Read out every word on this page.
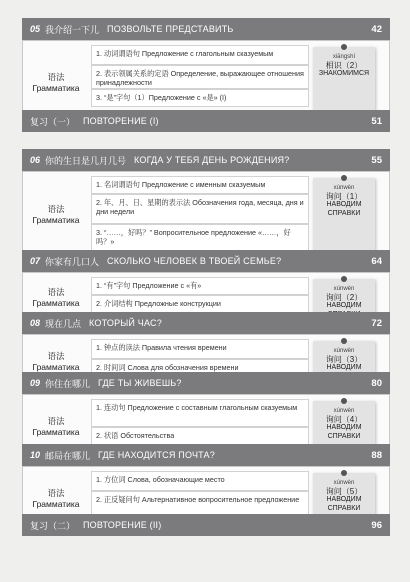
05 我介绍一下儿 ПОЗВОЛЬТЕ ПРЕДСТАВИТЬ	42
语法
Грамматика
1. 动词谓语句 Предложение с глагольным сказуемым
2. 表示领属关系的定语 Определение, выражающее отношения принадлежности
3. “是”字句（1）Предложение с «是» (I)
xiāngshí
相识（2）
ЗНАКОМИМСЯ
复习（一） ПОВТОРЕНИЕ (I)	51
06 你的生日是几月几号 КОГДА У ТЕБЯ ДЕНЬ РОЖДЕНИЯ?	55
语法
Грамматика
1. 名词谓语句 Предложение с именным сказуемым
2. 年、月、日、星期的表示法 Обозначения года, месяца, дня и дни недели
3. “……，好吗？” Вопросительное предложение «……，好吗？»
xúnwèn
询问（1）
НАВОДИМ СПРАВКИ
07 你家有几口人 СКОЛЬКО ЧЕЛОВЕК В ТВОЕЙ СЕМЬЕ?	64
语法
Грамматика
1. “有”字句 Предложение с «有»
2. 介词结构 Предложные конструкции
xúnwèn
询问（2）
НАВОДИМ
08 现在几点 КОТОРЫЙ ЧАС?	72
语法
Грамматика
1. 钟点的读法 Правила чтения времени
2. 时间词 Слова для обозначения времени
xúnwèn
询问（3）
НАВОДИМ
09 你住在哪儿 ГДЕ ТЫ ЖИВЕШЬ?	80
语法
Грамматика
1. 连动句 Предложение с составным глагольным сказуемым
2. 状语 Обстоятельства
xúnwèn
询问（4）
НАВОДИМ СПРАВКИ
10 邮局在哪儿 ГДЕ НАХОДИТСЯ ПОЧТА?	88
语法
Грамматика
1. 方位词 Слова, обозначающие место
2. 正反疑问句 Альтернативное вопросительное предложение
xúnwèn
询问（5）
НАВОДИМ СПРАВКИ
复习（二） ПОВТОРЕНИЕ (II)	96
